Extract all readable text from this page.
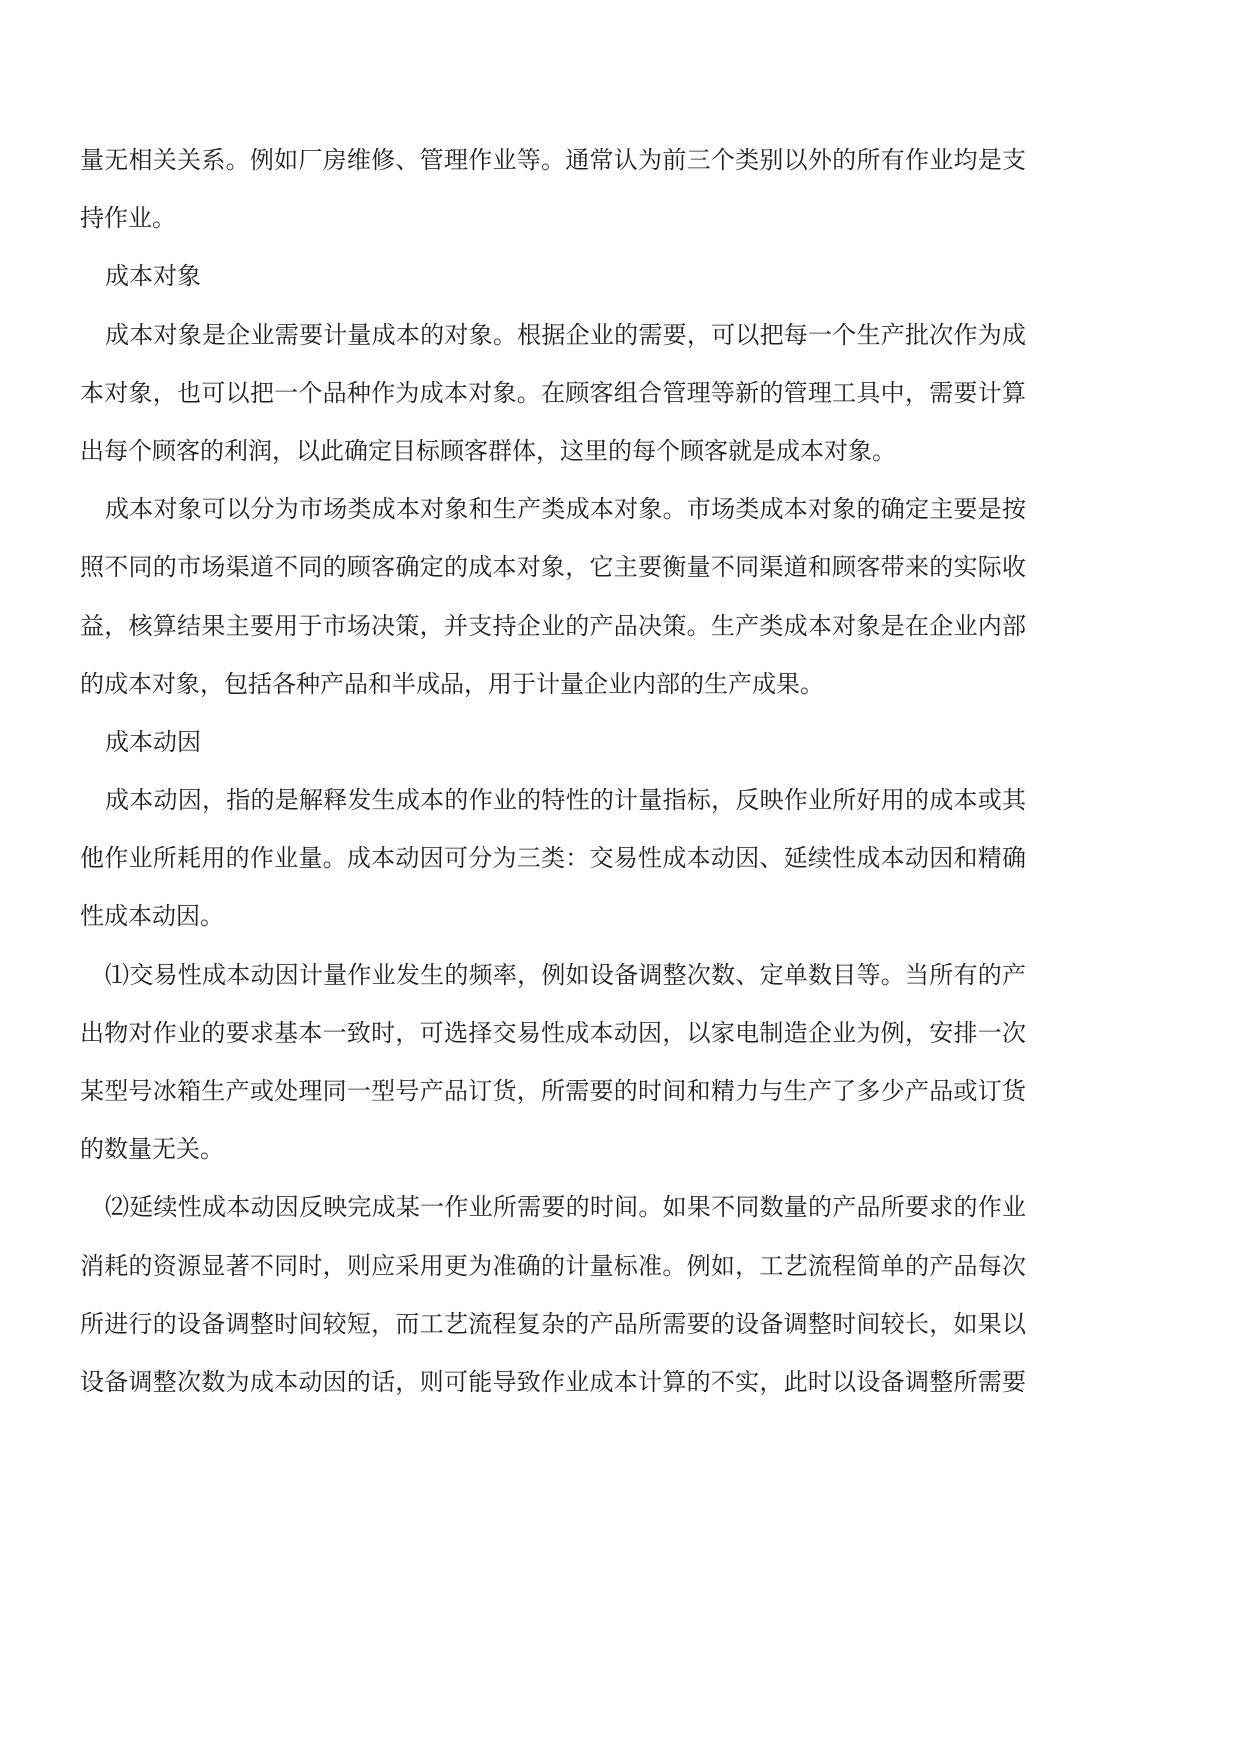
量无相关关系。例如厂房维修、管理作业等。通常认为前三个类别以外的所有作业均是支
持作业。
成本对象
成本对象是企业需要计量成本的对象。根据企业的需要，可以把每一个生产批次作为成
本对象，也可以把一个品种作为成本对象。在顾客组合管理等新的管理工具中，需要计算
出每个顾客的利润，以此确定目标顾客群体，这里的每个顾客就是成本对象。
成本对象可以分为市场类成本对象和生产类成本对象。市场类成本对象的确定主要是按
照不同的市场渠道不同的顾客确定的成本对象，它主要衡量不同渠道和顾客带来的实际收
益，核算结果主要用于市场决策，并支持企业的产品决策。生产类成本对象是在企业内部
的成本对象，包括各种产品和半成品，用于计量企业内部的生产成果。
成本动因
成本动因，指的是解释发生成本的作业的特性的计量指标，反映作业所好用的成本或其
他作业所耗用的作业量。成本动因可分为三类：交易性成本动因、延续性成本动因和精确
性成本动因。
⑴交易性成本动因计量作业发生的频率，例如设备调整次数、定单数目等。当所有的产
出物对作业的要求基本一致时，可选择交易性成本动因，以家电制造企业为例，安排一次
某型号冰箱生产或处理同一型号产品订货，所需要的时间和精力与生产了多少产品或订货
的数量无关。
⑵延续性成本动因反映完成某一作业所需要的时间。如果不同数量的产品所要求的作业
消耗的资源显著不同时，则应采用更为准确的计量标准。例如，工艺流程简单的产品每次
所进行的设备调整时间较短，而工艺流程复杂的产品所需要的设备调整时间较长，如果以
设备调整次数为成本动因的话，则可能导致作业成本计算的不实，此时以设备调整所需要
